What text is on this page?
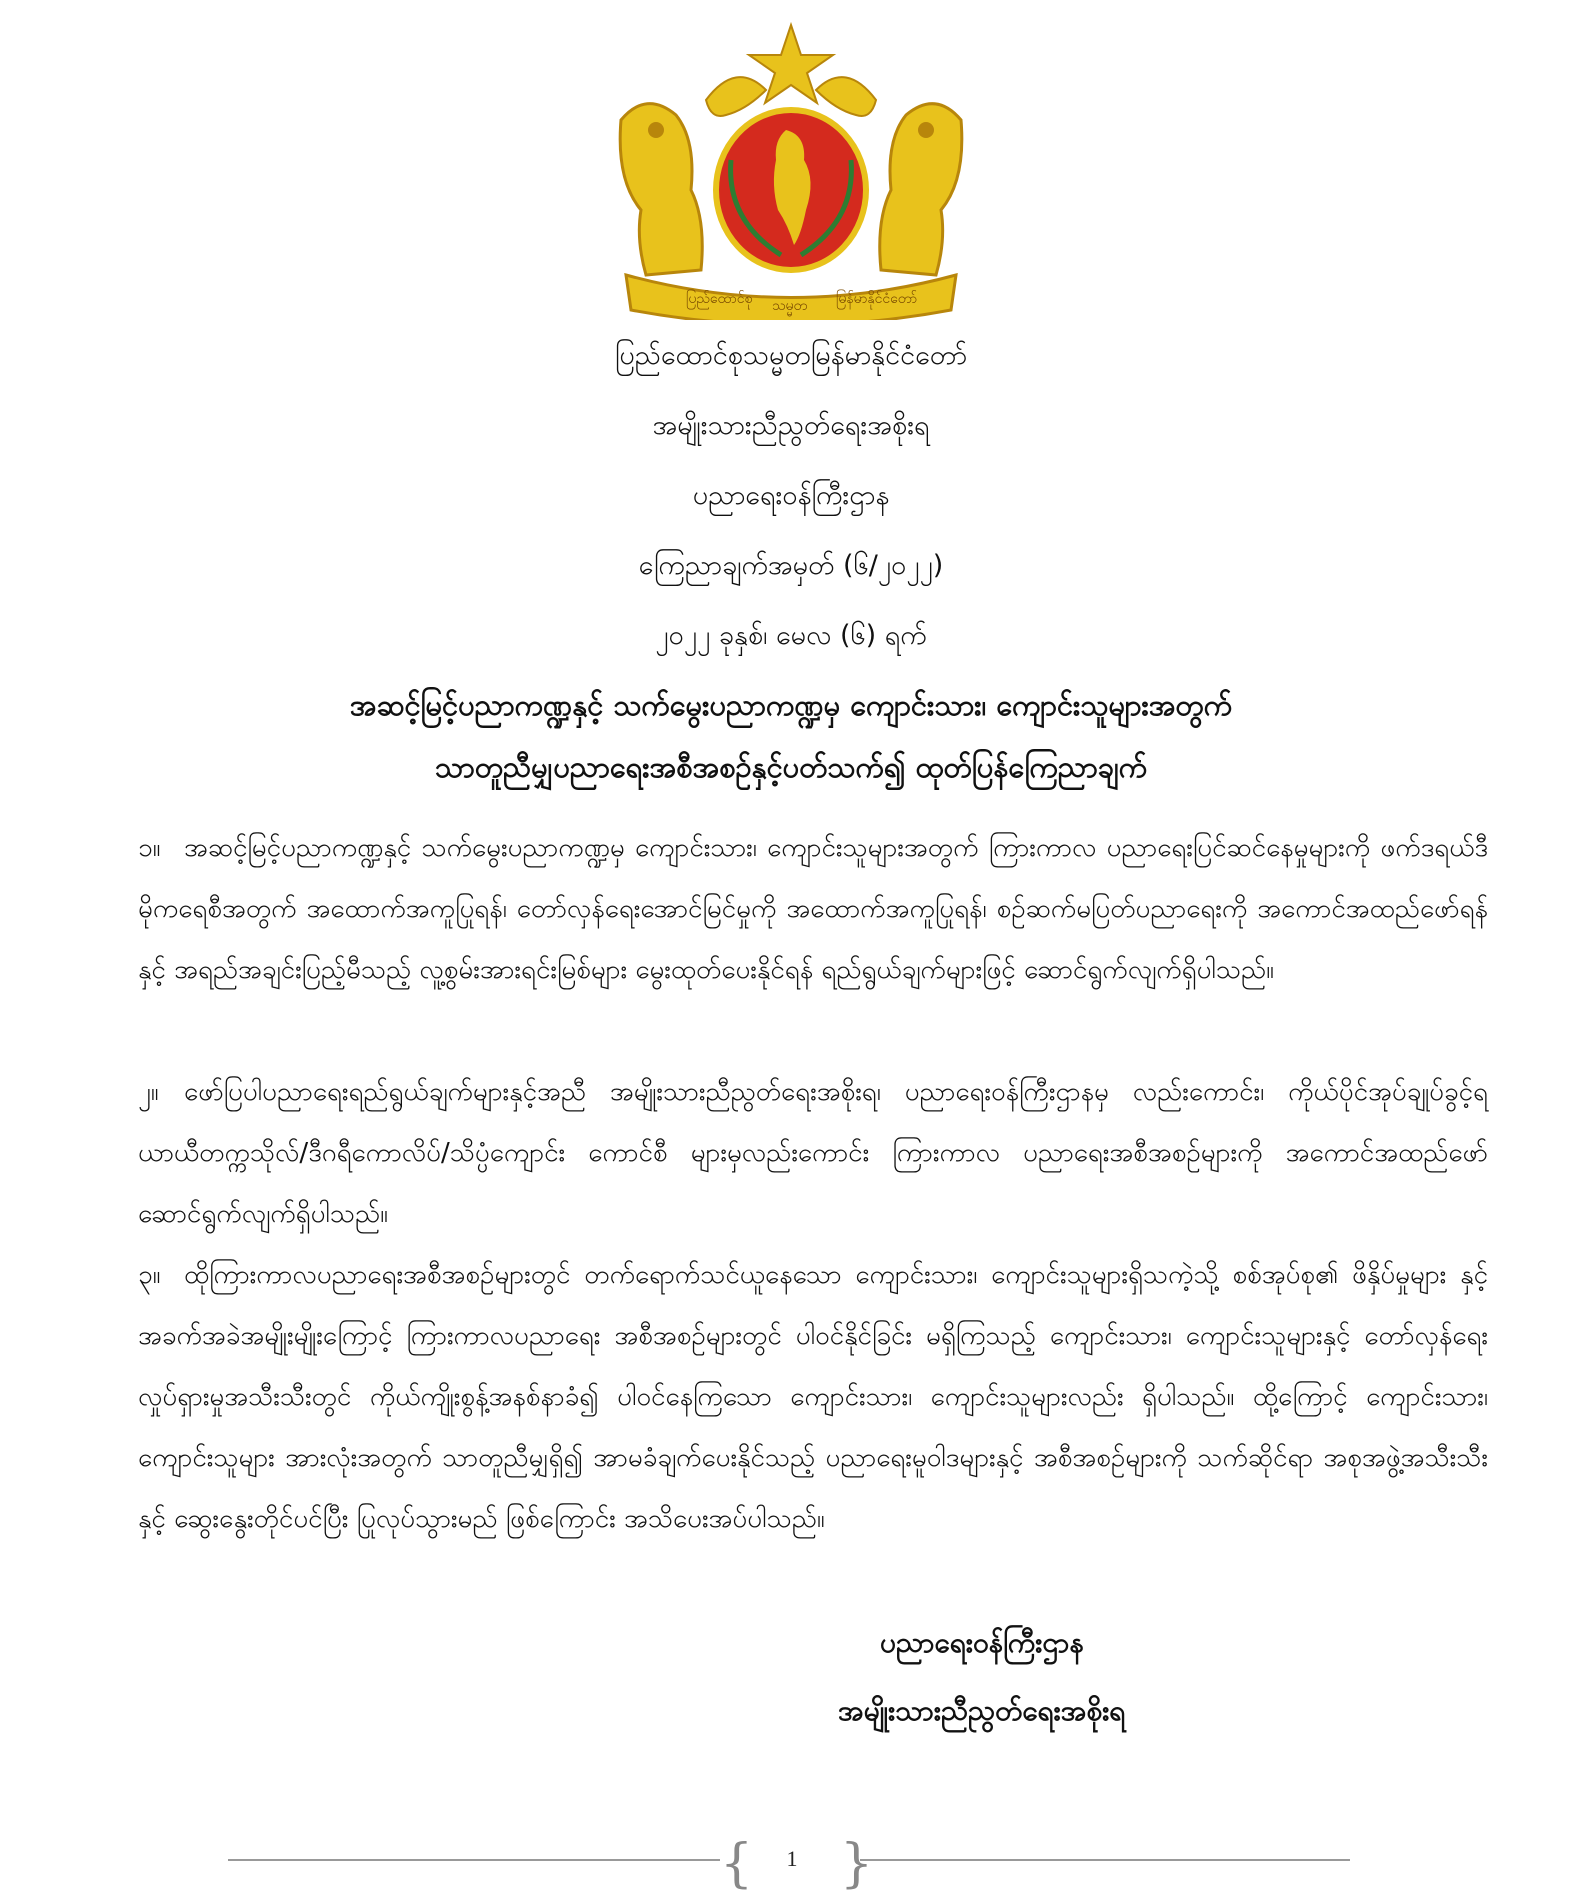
ပြည်ထောင်စု သမ္မတ မြန်မာနိုင်ငံတော်
ပြည်ထောင်စုသမ္မတမြန်မာနိုင်ငံတော်
အမျိုးသားညီညွတ်ရေးအစိုးရ
ပညာရေးဝန်ကြီးဌာန
ကြေညာချက်အမှတ် (၆/၂၀၂၂)
၂၀၂၂ ခုနှစ်၊ မေလ (၆) ရက်
အဆင့်မြင့်ပညာကဏ္ဍနှင့် သက်မွေးပညာကဏ္ဍမှ ကျောင်းသား၊ ကျောင်းသူများအတွက်
သာတူညီမျှပညာရေးအစီအစဉ်နှင့်ပတ်သက်၍ ထုတ်ပြန်ကြေညာချက်
၁။ အဆင့်မြင့်ပညာကဏ္ဍနှင့် သက်မွေးပညာကဏ္ဍမှ ကျောင်းသား၊ ကျောင်းသူများအတွက် ကြားကာလ ပညာရေးပြင်ဆင်နေမှုများကို ဖက်ဒရယ်ဒီမိုကရေစီအတွက် အထောက်အကူပြုရန်၊ တော်လှန်ရေးအောင်မြင်မှုကို အထောက်အကူပြုရန်၊ စဉ်ဆက်မပြတ်ပညာရေးကို အကောင်အထည်ဖော်ရန် နှင့် အရည်အချင်းပြည့်မီသည့် လူ့စွမ်းအားရင်းမြစ်များ မွေးထုတ်ပေးနိုင်ရန် ရည်ရွယ်ချက်များဖြင့် ဆောင်ရွက်လျက်ရှိပါသည်။
၂။ ဖော်ပြပါပညာရေးရည်ရွယ်ချက်များနှင့်အညီ အမျိုးသားညီညွတ်ရေးအစိုးရ၊ ပညာရေးဝန်ကြီးဌာနမှ လည်းကောင်း၊ ကိုယ်ပိုင်အုပ်ချုပ်ခွင့်ရ ယာယီတက္ကသိုလ်/ဒီဂရီကောလိပ်/သိပ္ပံကျောင်း ကောင်စီ များမှလည်းကောင်း ကြားကာလ ပညာရေးအစီအစဉ်များကို အကောင်အထည်ဖော် ဆောင်ရွက်လျက်ရှိပါသည်။
၃။ ထိုကြားကာလပညာရေးအစီအစဉ်များတွင် တက်ရောက်သင်ယူနေသော ကျောင်းသား၊ ကျောင်းသူများရှိသကဲ့သို့ စစ်အုပ်စု၏ ဖိနှိပ်မှုများ နှင့် အခက်အခဲအမျိုးမျိုးကြောင့် ကြားကာလပညာရေး အစီအစဉ်များတွင် ပါဝင်နိုင်ခြင်း မရှိကြသည့် ကျောင်းသား၊ ကျောင်းသူများနှင့် တော်လှန်ရေးလှုပ်ရှားမှုအသီးသီးတွင် ကိုယ်ကျိုးစွန့်အနစ်နာခံ၍ ပါဝင်နေကြသော ကျောင်းသား၊ ကျောင်းသူများလည်း ရှိပါသည်။ ထို့ကြောင့် ကျောင်းသား၊ ကျောင်းသူများ အားလုံးအတွက် သာတူညီမျှရှိ၍ အာမခံချက်ပေးနိုင်သည့် ပညာရေးမူဝါဒများနှင့် အစီအစဉ်များကို သက်ဆိုင်ရာ အစုအဖွဲ့အသီးသီးနှင့် ဆွေးနွေးတိုင်ပင်ပြီး ပြုလုပ်သွားမည် ဖြစ်ကြောင်း အသိပေးအပ်ပါသည်။
ပညာရေးဝန်ကြီးဌာန
အမျိုးသားညီညွတ်ရေးအစိုးရ
{ }
1
